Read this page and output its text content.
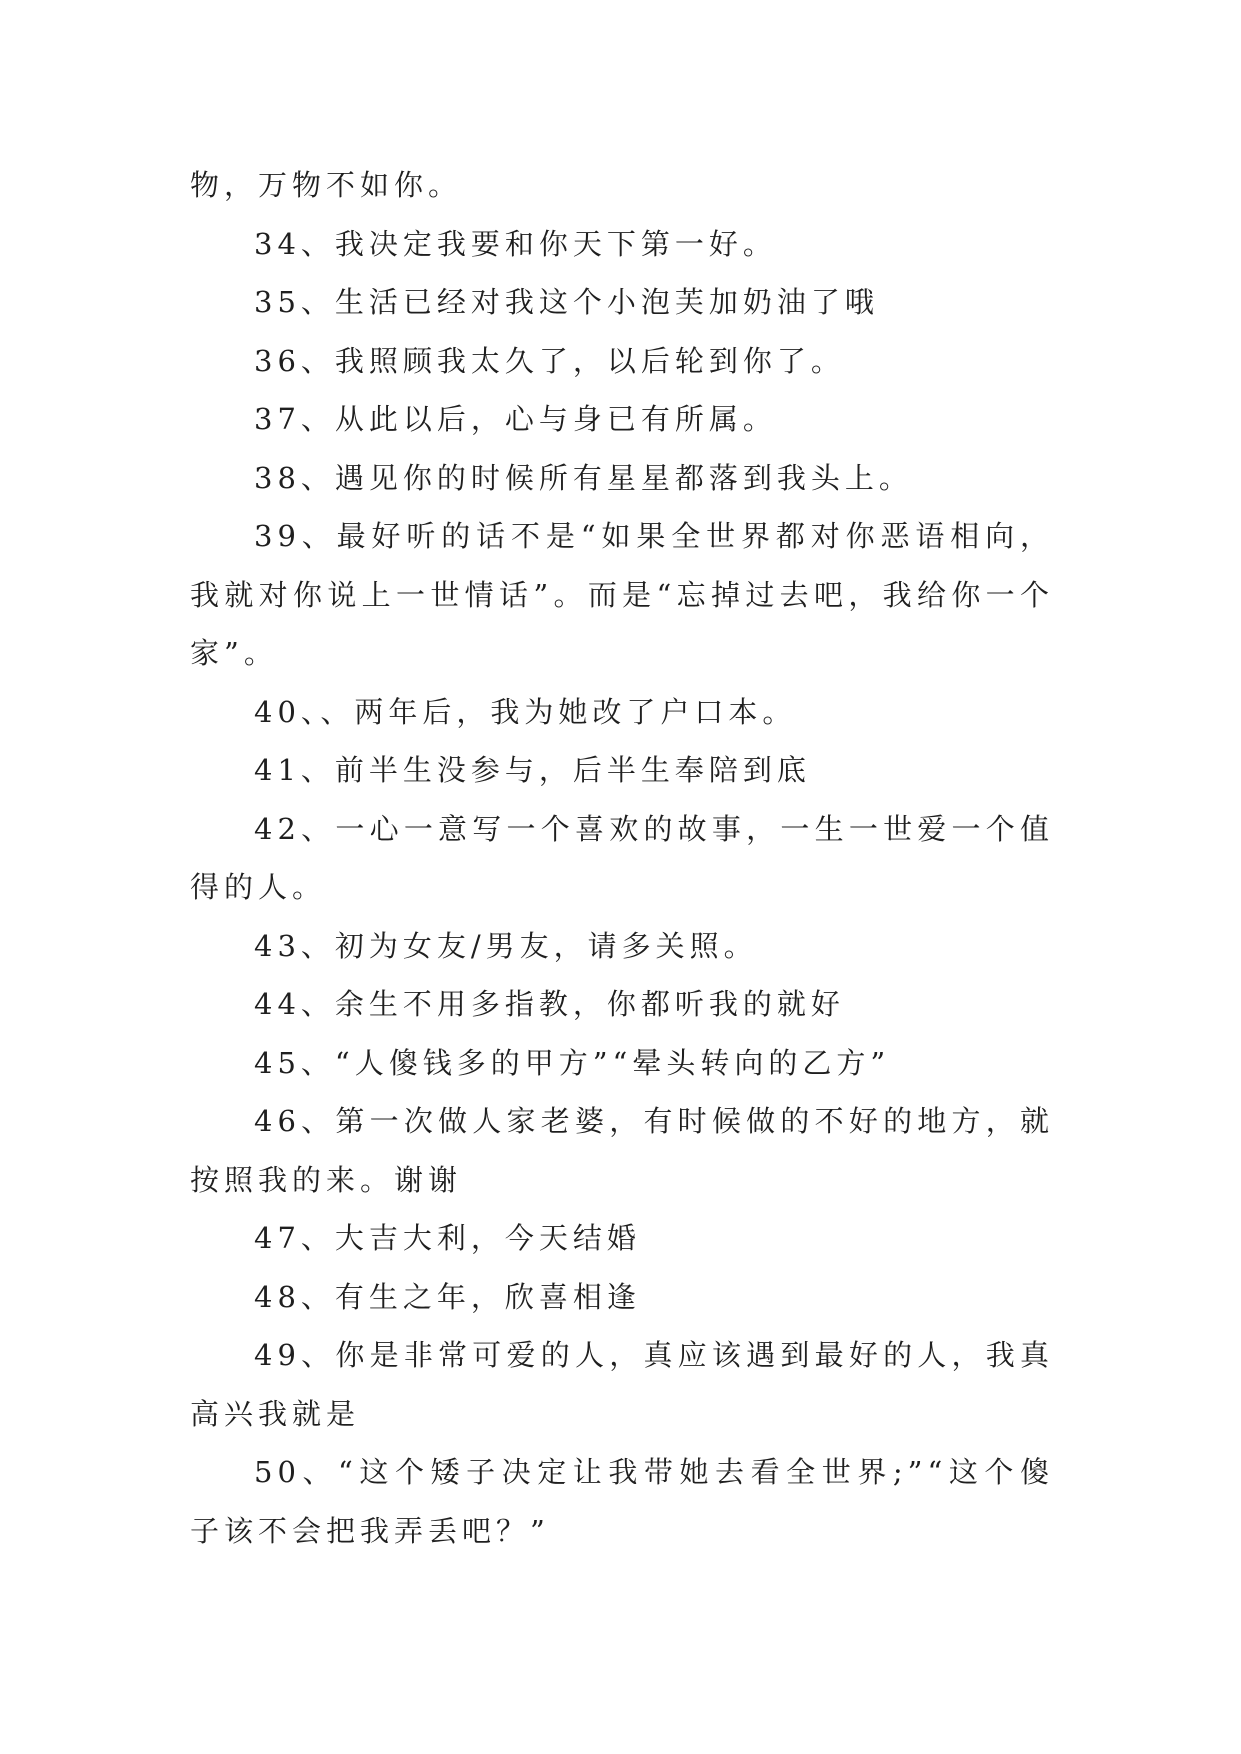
物，万物不如你。

34、我决定我要和你天下第一好。

35、生活已经对我这个小泡芙加奶油了哦

36、我照顾我太久了，以后轮到你了。

37、从此以后，心与身已有所属。

38、遇见你的时候所有星星都落到我头上。

39、最好听的话不是“如果全世界都对你恶语相向，我就对你说上一世情话”。而是“忘掉过去吧，我给你一个家”。

40、、两年后，我为她改了户口本。

41、前半生没参与，后半生奉陪到底

42、一心一意写一个喜欢的故事，一生一世爱一个值得的人。

43、初为女友/男友，请多关照。

44、余生不用多指教，你都听我的就好

45、“人傻钱多的甲方”“晕头转向的乙方”

46、第一次做人家老婆，有时候做的不好的地方，就按照我的来。谢谢

47、大吉大利，今天结婚

48、有生之年，欣喜相逢

49、你是非常可爱的人，真应该遇到最好的人，我真高兴我就是

50、“这个矮子决定让我带她去看全世界;”“这个傻子该不会把我弄丢吧？”
